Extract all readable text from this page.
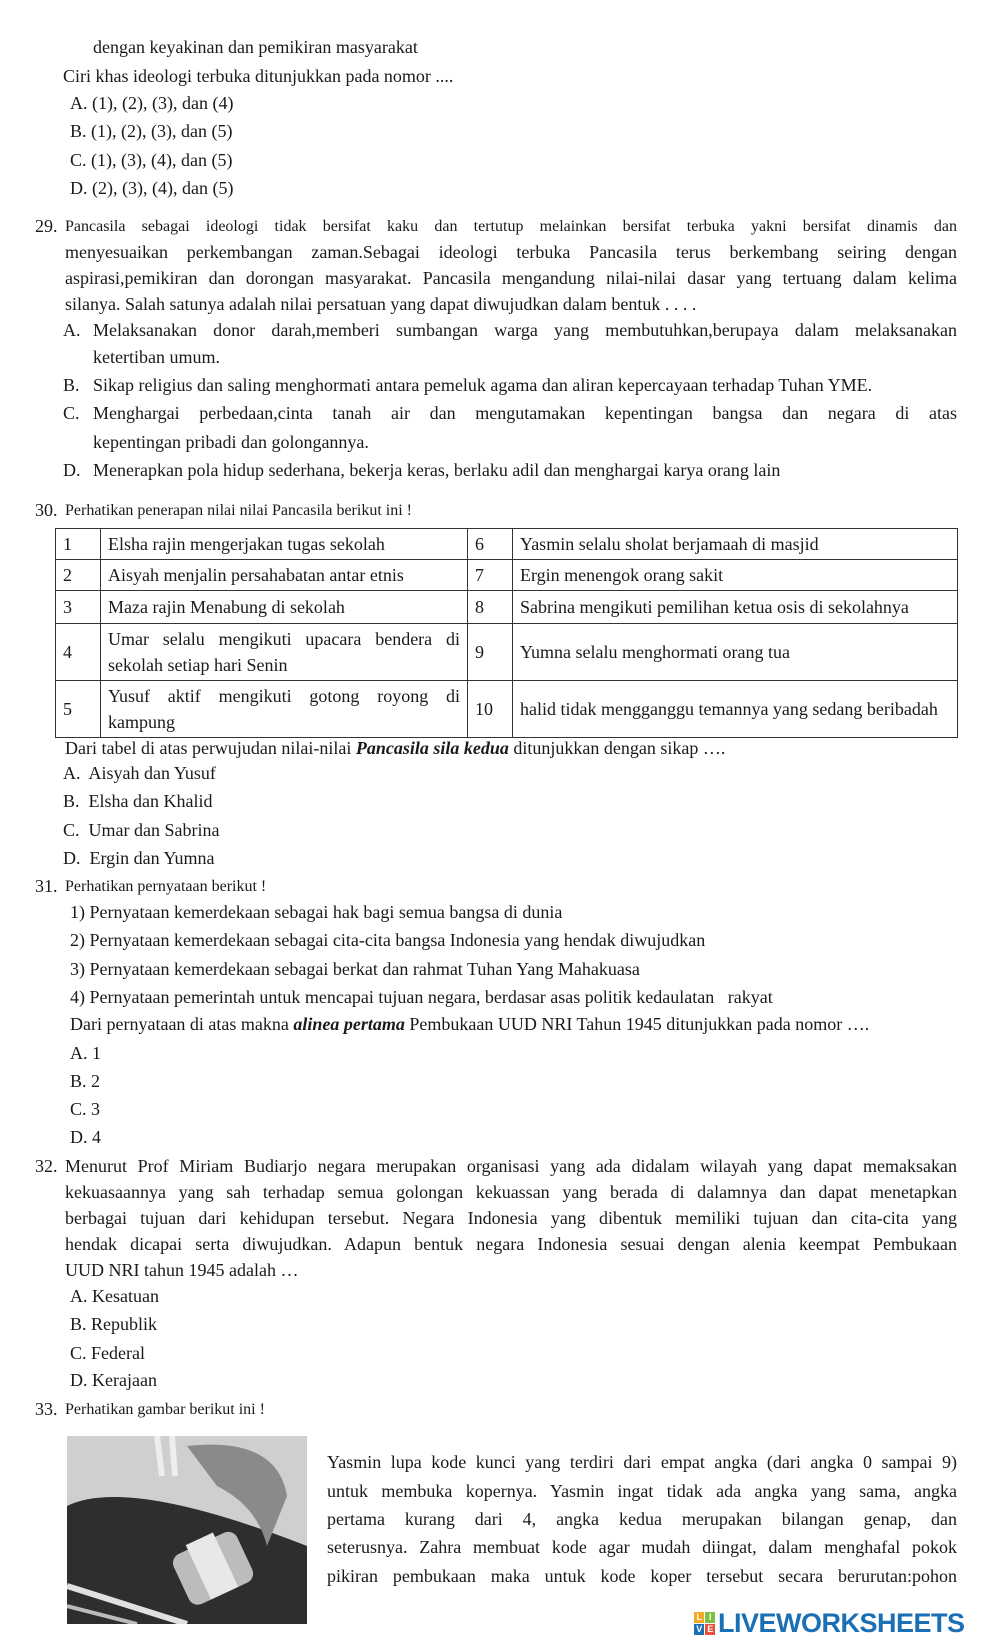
dengan keyakinan dan pemikiran masyarakat
Ciri khas ideologi terbuka ditunjukkan pada nomor ....
A. (1), (2), (3), dan (4)
B. (1), (2), (3), dan (5)
C. (1), (3), (4), dan (5)
D. (2), (3), (4), dan (5)
29. Pancasila sebagai ideologi tidak bersifat kaku dan tertutup melainkan bersifat terbuka yakni bersifat dinamis dan
menyesuaikan perkembangan zaman.Sebagai ideologi terbuka Pancasila terus berkembang seiring dengan
aspirasi,pemikiran dan dorongan masyarakat. Pancasila mengandung nilai-nilai dasar yang tertuang dalam kelima
silanya. Salah satunya adalah nilai persatuan yang dapat diwujudkan dalam bentuk . . . .
A. Melaksanakan donor darah,memberi sumbangan warga yang membutuhkan,berupaya dalam melaksanakan
ketertiban umum.
B. Sikap religius dan saling menghormati antara pemeluk agama dan aliran kepercayaan terhadap Tuhan YME.
C. Menghargai perbedaan,cinta tanah air dan mengutamakan kepentingan bangsa dan negara di atas
kepentingan pribadi dan golongannya.
D. Menerapkan pola hidup sederhana, bekerja keras, berlaku adil dan menghargai karya orang lain
30. Perhatikan penerapan nilai nilai Pancasila berikut ini !
1	Elsha rajin mengerjakan tugas sekolah	6	Yasmin selalu sholat berjamaah di masjid
2	Aisyah menjalin persahabatan antar etnis	7	Ergin menengok orang sakit
3	Maza rajin Menabung di sekolah	8	Sabrina mengikuti pemilihan ketua osis di sekolahnya
4	Umar selalu mengikuti upacara bendera di sekolah setiap hari Senin	9	Yumna selalu menghormati orang tua
5	Yusuf aktif mengikuti gotong royong di kampung	10	halid tidak mengganggu temannya yang sedang beribadah
Dari tabel di atas perwujudan nilai-nilai Pancasila sila kedua ditunjukkan dengan sikap ….
A.  Aisyah dan Yusuf
B.  Elsha dan Khalid
C.  Umar dan Sabrina
D.  Ergin dan Yumna
31. Perhatikan pernyataan berikut !
1) Pernyataan kemerdekaan sebagai hak bagi semua bangsa di dunia
2) Pernyataan kemerdekaan sebagai cita-cita bangsa Indonesia yang hendak diwujudkan
3) Pernyataan kemerdekaan sebagai berkat dan rahmat Tuhan Yang Mahakuasa
4) Pernyataan pemerintah untuk mencapai tujuan negara, berdasar asas politik kedaulatan   rakyat
Dari pernyataan di atas makna alinea pertama Pembukaan UUD NRI Tahun 1945 ditunjukkan pada nomor ….
A. 1
B. 2
C. 3
D. 4
32. Menurut Prof Miriam Budiarjo negara merupakan organisasi yang ada didalam wilayah yang dapat memaksakan
kekuasaannya yang sah terhadap semua golongan kekuassan yang berada di dalamnya dan dapat menetapkan
berbagai tujuan dari kehidupan tersebut. Negara Indonesia yang dibentuk memiliki tujuan dan cita-cita yang
hendak dicapai serta diwujudkan. Adapun bentuk negara Indonesia sesuai dengan alenia keempat Pembukaan
UUD NRI tahun 1945 adalah …
A. Kesatuan
B. Republik
C. Federal
D. Kerajaan
33. Perhatikan gambar berikut ini !
Yasmin lupa kode kunci yang terdiri dari empat angka (dari angka 0 sampai 9)
untuk membuka kopernya. Yasmin ingat tidak ada angka yang sama, angka
pertama kurang dari 4, angka kedua merupakan bilangan genap, dan
seterusnya. Zahra membuat kode agar mudah diingat, dalam menghafal pokok
pikiran pembukaan maka untuk kode koper tersebut secara berurutan:pohon
L I
V E LIVEWORKSHEETS
